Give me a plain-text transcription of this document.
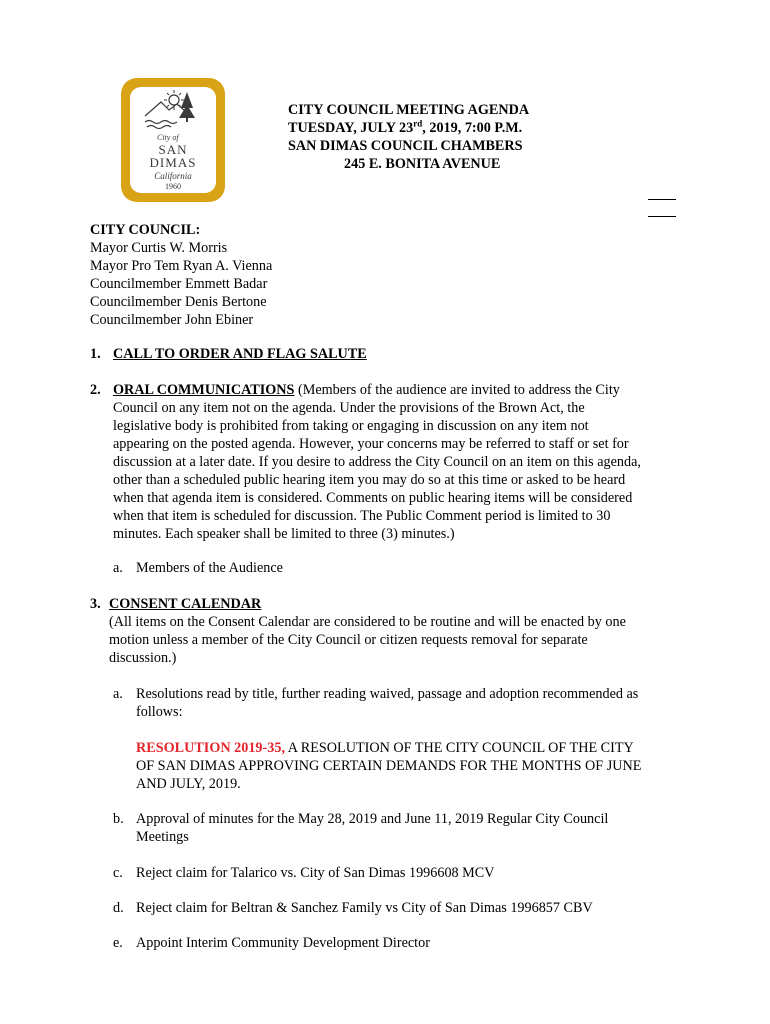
City of
SAN
DIMAS
California
1960
CITY COUNCIL MEETING AGENDA
TUESDAY, JULY 23rd, 2019, 7:00 P.M.
SAN DIMAS COUNCIL CHAMBERS
245 E. BONITA AVENUE
CITY COUNCIL:
Mayor Curtis W. Morris
Mayor Pro Tem Ryan A. Vienna
Councilmember Emmett Badar
Councilmember Denis Bertone
Councilmember John Ebiner
1. CALL TO ORDER AND FLAG SALUTE
2. ORAL COMMUNICATIONS (Members of the audience are invited to address the City
Council on any item not on the agenda. Under the provisions of the Brown Act, the
legislative body is prohibited from taking or engaging in discussion on any item not
appearing on the posted agenda. However, your concerns may be referred to staff or set for
discussion at a later date. If you desire to address the City Council on an item on this agenda,
other than a scheduled public hearing item you may do so at this time or asked to be heard
when that agenda item is considered. Comments on public hearing items will be considered
when that item is scheduled for discussion. The Public Comment period is limited to 30
minutes. Each speaker shall be limited to three (3) minutes.)
a. Members of the Audience
3. CONSENT CALENDAR
(All items on the Consent Calendar are considered to be routine and will be enacted by one
motion unless a member of the City Council or citizen requests removal for separate
discussion.)
a. Resolutions read by title, further reading waived, passage and adoption recommended as
follows:
RESOLUTION 2019-35, A RESOLUTION OF THE CITY COUNCIL OF THE CITY
OF SAN DIMAS APPROVING CERTAIN DEMANDS FOR THE MONTHS OF JUNE
AND JULY, 2019.
b. Approval of minutes for the May 28, 2019 and June 11, 2019 Regular City Council
Meetings
c. Reject claim for Talarico vs. City of San Dimas 1996608 MCV
d. Reject claim for Beltran & Sanchez Family vs City of San Dimas 1996857 CBV
e. Appoint Interim Community Development Director
